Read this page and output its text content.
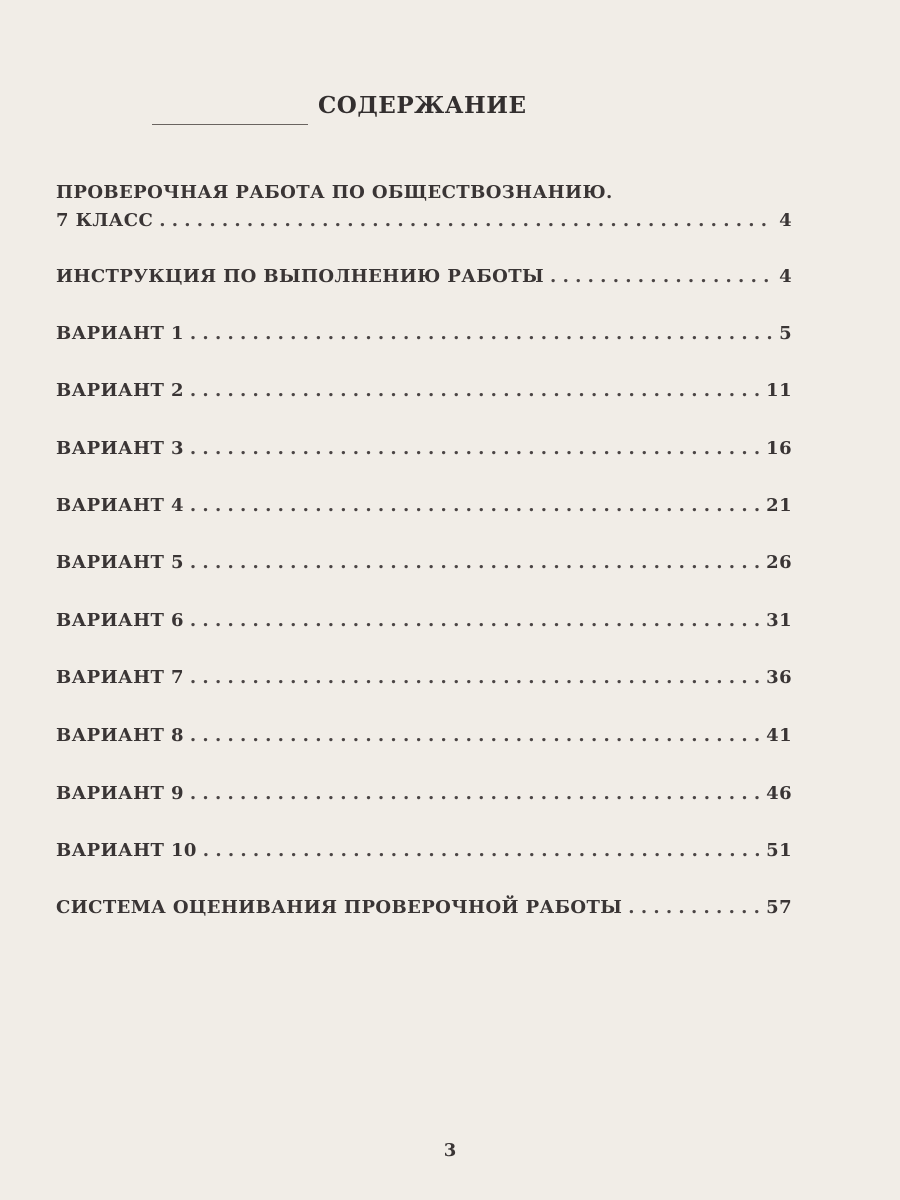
СОДЕРЖАНИЕ
ПРОВЕРОЧНАЯ РАБОТА ПО ОБЩЕСТВОЗНАНИЮ.
7 КЛАСС . . .	4
ИНСТРУКЦИЯ ПО ВЫПОЛНЕНИЮ РАБОТЫ . . .	4
ВАРИАНТ 1 . . .	5
ВАРИАНТ 2 . . .	11
ВАРИАНТ 3 . . .	16
ВАРИАНТ 4 . . .	21
ВАРИАНТ 5 . . .	26
ВАРИАНТ 6 . . .	31
ВАРИАНТ 7 . . .	36
ВАРИАНТ 8 . . .	41
ВАРИАНТ 9 . . .	46
ВАРИАНТ 10 . . .	51
СИСТЕМА ОЦЕНИВАНИЯ ПРОВЕРОЧНОЙ РАБОТЫ . . .	57
3
